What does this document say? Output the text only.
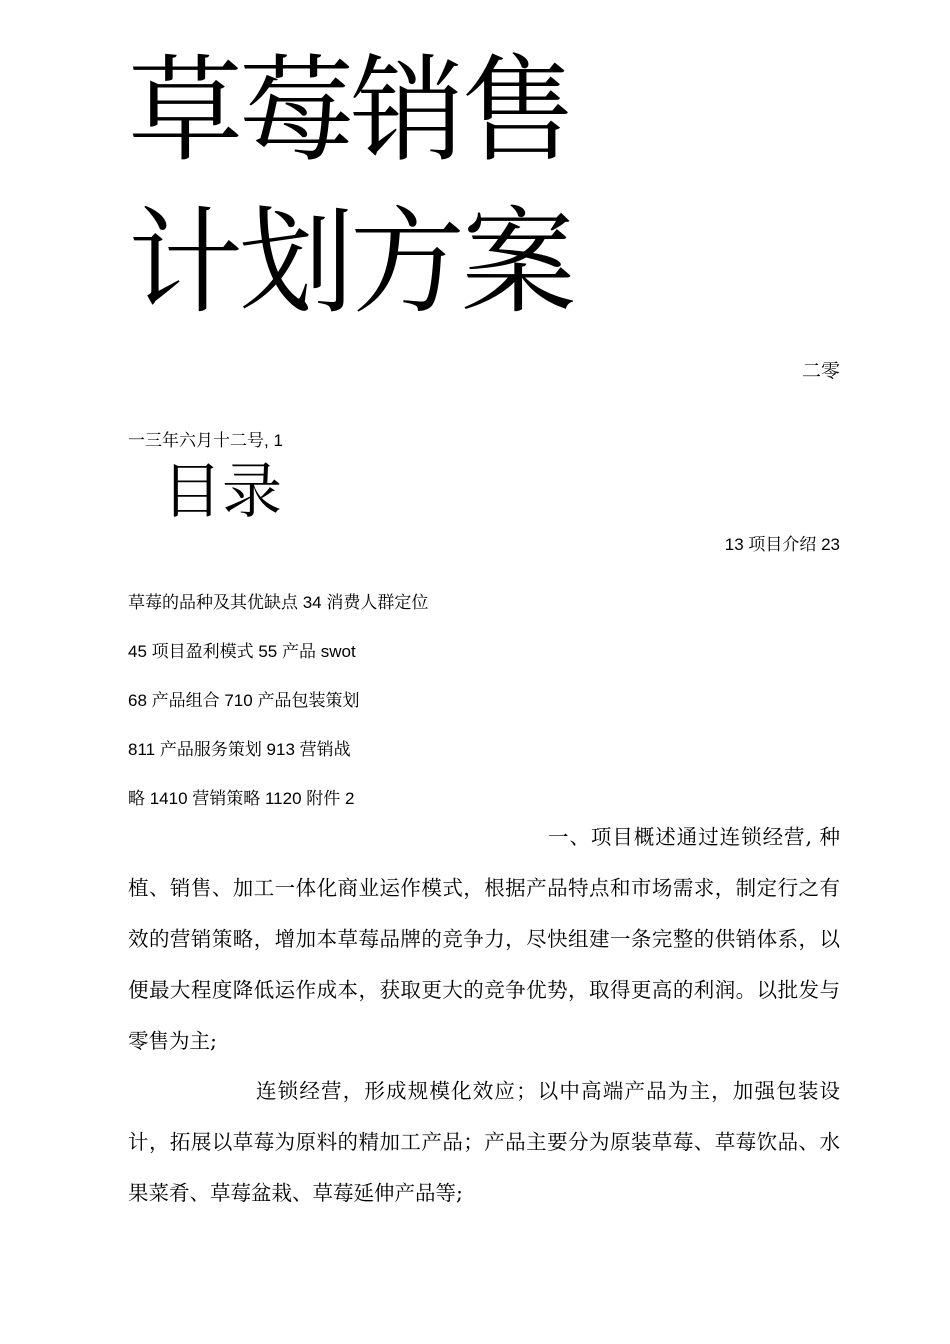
草莓销售
计划方案
二零
一三年六月十二号, 1
目录
13 项目介绍 23
草莓的品种及其优缺点 34 消费人群定位
45 项目盈利模式 55 产品 swot
68 产品组合 710 产品包装策划
811 产品服务策划 913 营销战
略 1410 营销策略 1120 附件 2
一、项目概述通过连锁经营, 种植、销售、加工一体化商业运作模式，根据产品特点和市场需求，制定行之有效的营销策略，增加本草莓品牌的竞争力，尽快组建一条完整的供销体系，以便最大程度降低运作成本，获取更大的竞争优势，取得更高的利润。以批发与零售为主;
连锁经营，形成规模化效应；以中高端产品为主，加强包装设计，拓展以草莓为原料的精加工产品；产品主要分为原装草莓、草莓饮品、水果菜肴、草莓盆栽、草莓延伸产品等;
